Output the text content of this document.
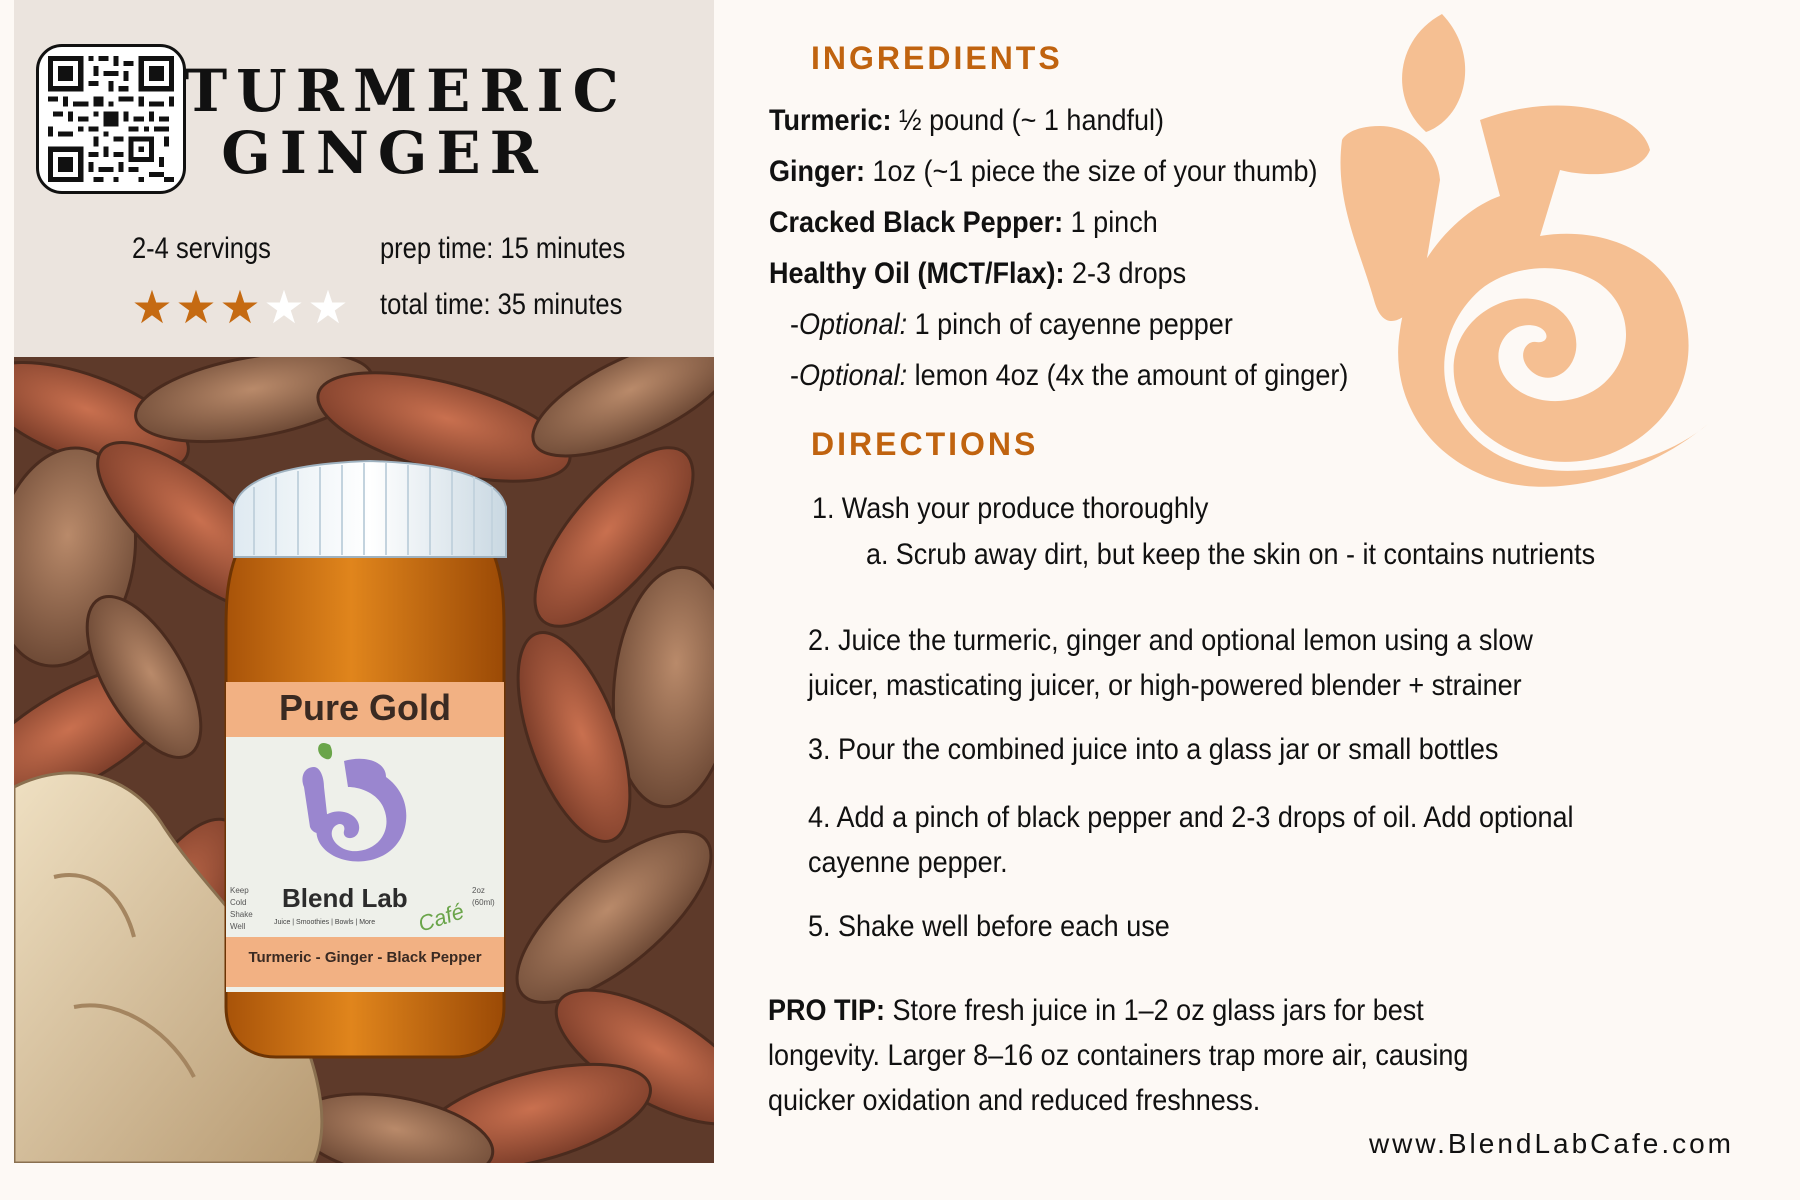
TURMERIC
GINGER
2-4 servings	prep time: 15 minutes
total time: 35 minutes
★ ★ ★ ★ ★
Pure Gold
Blend Lab
Café
Juice | Smoothies | Bowls | More
Keep Cold Shake Well
2oz (60ml)
Turmeric - Ginger - Black Pepper
INGREDIENTS
Turmeric: ½ pound (~ 1 handful)
Ginger: 1oz (~1 piece the size of your thumb)
Cracked Black Pepper: 1 pinch
Healthy Oil (MCT/Flax): 2-3 drops
-Optional: 1 pinch of cayenne pepper
-Optional: lemon 4oz (4x the amount of ginger)
DIRECTIONS
1. Wash your produce thoroughly
a. Scrub away dirt, but keep the skin on - it contains nutrients
2. Juice the turmeric, ginger and optional lemon using a slow juicer, masticating juicer, or high-powered blender + strainer
3. Pour the combined juice into a glass jar or small bottles
4. Add a pinch of black pepper and 2-3 drops of oil. Add optional cayenne pepper.
5. Shake well before each use
PRO TIP: Store fresh juice in 1–2 oz glass jars for best longevity. Larger 8–16 oz containers trap more air, causing quicker oxidation and reduced freshness.
www.BlendLabCafe.com
